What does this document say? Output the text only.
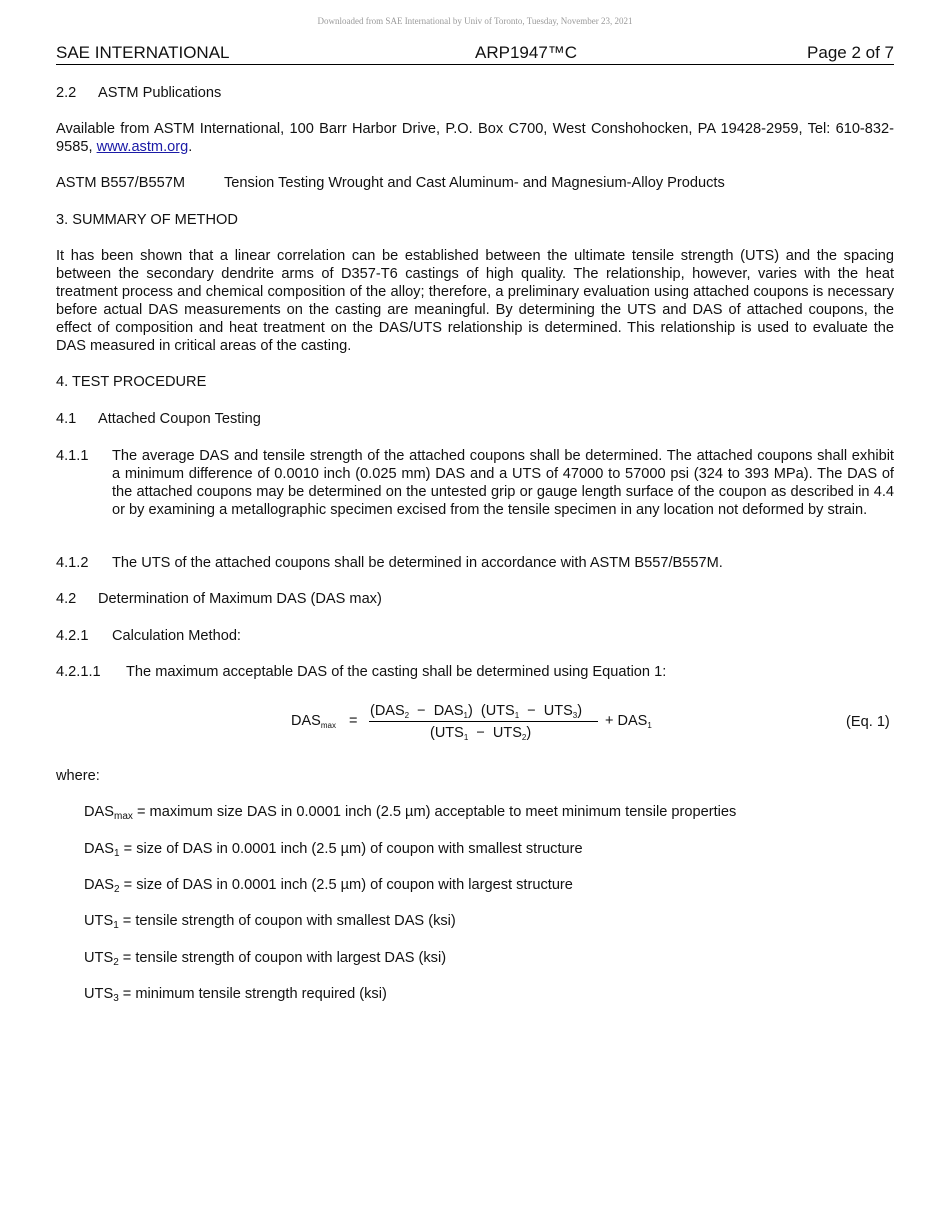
Downloaded from SAE International by Univ of Toronto, Tuesday, November 23, 2021
SAE INTERNATIONAL	ARP1947™C	Page 2 of 7
2.2 ASTM Publications
Available from ASTM International, 100 Barr Harbor Drive, P.O. Box C700, West Conshohocken, PA 19428-2959, Tel: 610-832-9585, www.astm.org.
ASTM B557/B557M	Tension Testing Wrought and Cast Aluminum- and Magnesium-Alloy Products
3. SUMMARY OF METHOD
It has been shown that a linear correlation can be established between the ultimate tensile strength (UTS) and the spacing between the secondary dendrite arms of D357-T6 castings of high quality. The relationship, however, varies with the heat treatment process and chemical composition of the alloy; therefore, a preliminary evaluation using attached coupons is necessary before actual DAS measurements on the casting are meaningful. By determining the UTS and DAS of attached coupons, the effect of composition and heat treatment on the DAS/UTS relationship is determined. This relationship is used to evaluate the DAS measured in critical areas of the casting.
4. TEST PROCEDURE
4.1 Attached Coupon Testing
4.1.1 The average DAS and tensile strength of the attached coupons shall be determined. The attached coupons shall exhibit a minimum difference of 0.0010 inch (0.025 mm) DAS and a UTS of 47000 to 57000 psi (324 to 393 MPa). The DAS of the attached coupons may be determined on the untested grip or gauge length surface of the coupon as described in 4.4 or by examining a metallographic specimen excised from the tensile specimen in any location not deformed by strain.
4.1.2 The UTS of the attached coupons shall be determined in accordance with ASTM B557/B557M.
4.2 Determination of Maximum DAS (DAS max)
4.2.1 Calculation Method:
4.2.1.1 The maximum acceptable DAS of the casting shall be determined using Equation 1:
$DAS_{max}$ =
$(DAS_2 - DAS_1) (UTS_1 - UTS_3)$
$(UTS_1 - UTS_2)$
+ $DAS_1$	(Eq. 1)
where:
$DAS_{max}$ = maximum size DAS in 0.0001 inch (2.5 µm) acceptable to meet minimum tensile properties
$DAS_1$ = size of DAS in 0.0001 inch (2.5 µm) of coupon with smallest structure
$DAS_2$ = size of DAS in 0.0001 inch (2.5 µm) of coupon with largest structure
$UTS_1$ = tensile strength of coupon with smallest DAS (ksi)
$UTS_2$ = tensile strength of coupon with largest DAS (ksi)
$UTS_3$ = minimum tensile strength required (ksi)
